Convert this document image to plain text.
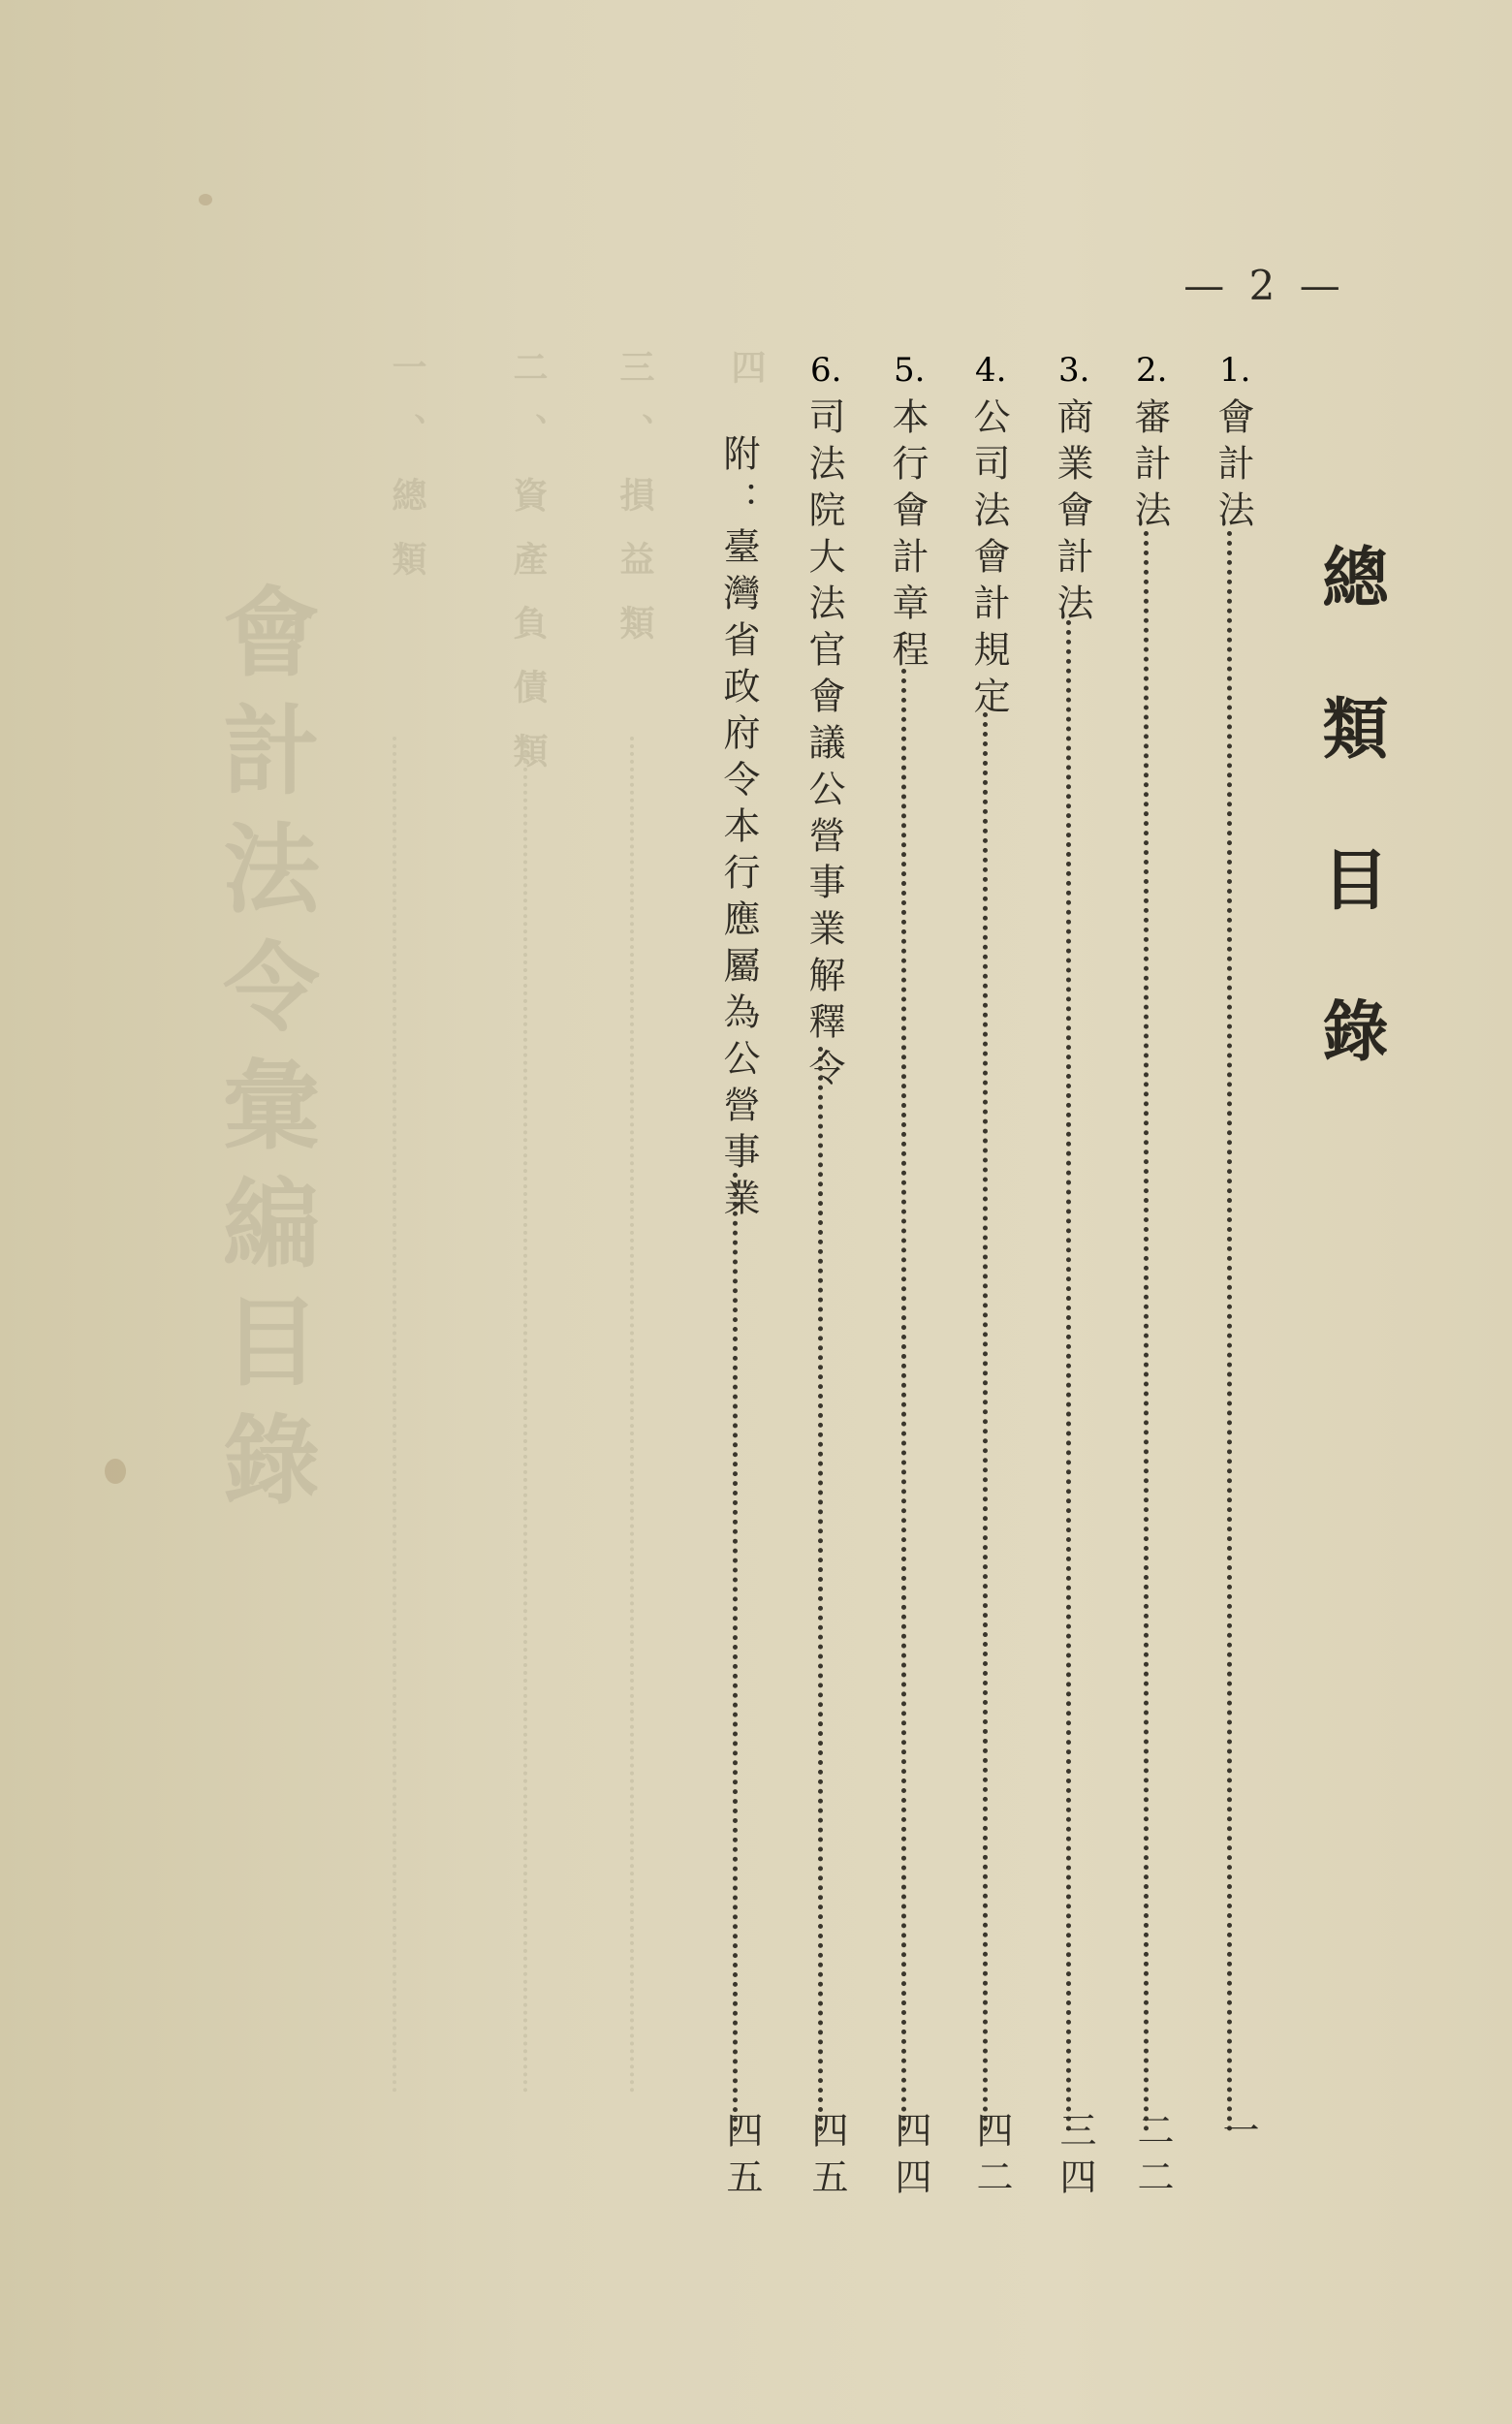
會計法令彙編目錄
四
三、損益類
二、資產負債類
一、總類
— 2 —
總類目錄
1.
會計法
一
2.
審計法
二二
3.
商業會計法
三四
4.
公司法會計規定
四二
5.
本行會計章程
四四
6.
司法院大法官會議公營事業解釋令
四五
附：臺灣省政府令本行應屬為公營事業
四五
